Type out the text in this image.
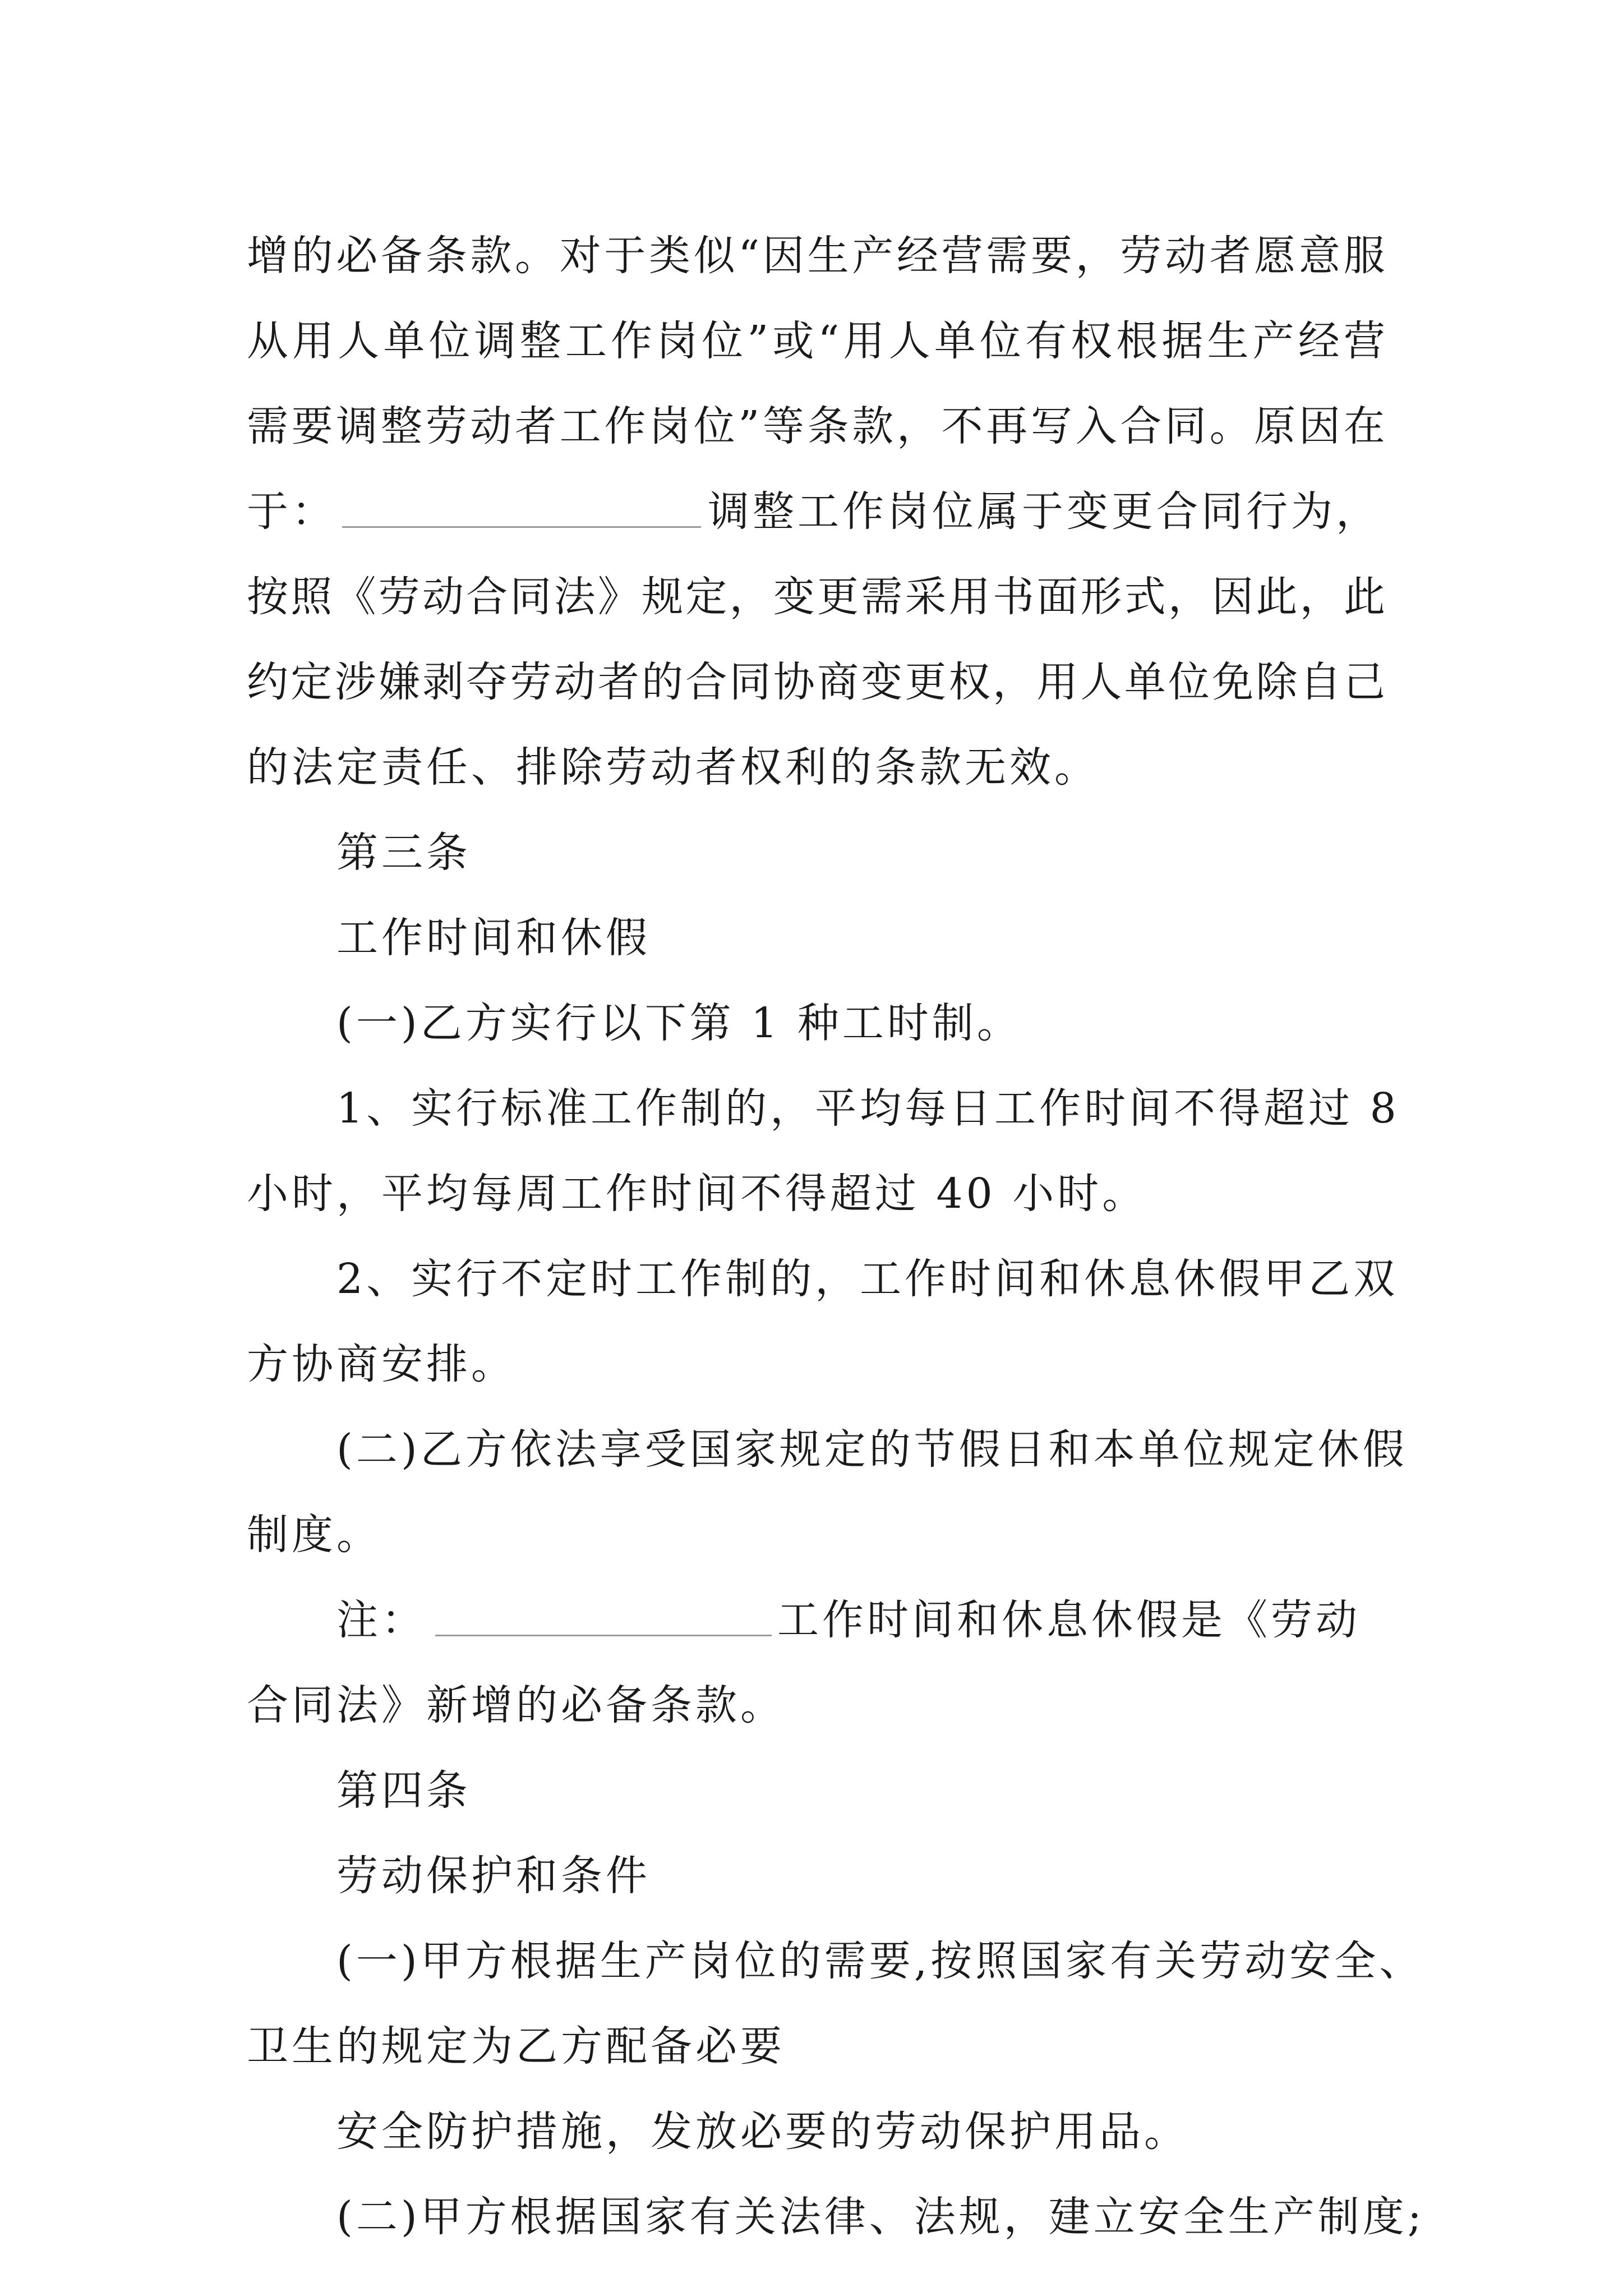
增 的 必 备 条 款 。 对 于 类 似 “ 因 生 产 经 营 需 要 ， 劳 动 者 愿 意 服
从 用 人 单 位 调 整 工 作 岗 位 ” 或 “ 用 人 单 位 有 权 根 据 生 产 经 营
需 要 调 整 劳 动 者 工 作 岗 位 ” 等 条 款 ， 不 再 写 入 合 同 。 原 因 在
于：	调整工作岗位属于变更合同行为，
按 照 《 劳 动 合 同 法 》 规 定 ， 变 更 需 采 用 书 面 形 式 ， 因 此 ， 此
约 定 涉 嫌 剥 夺 劳 动 者 的 合 同 协 商 变 更 权 ， 用 人 单 位 免 除 自 己
的法定责任、排除劳动者权利的条款无效。
第三条
工作时间和休假
(一)乙方实行以下第 1 种工时制。
1、实行标准工作制的，平均每日工作时间不得超过 8
小时，平均每周工作时间不得超过 40 小时。
2、实行不定时工作制的，工作时间和休息休假甲乙双
方协商安排。
(二)乙方依法享受国家规定的节假日和本单位规定休假
制度。
注：	工作时间和休息休假是《劳动
合同法》新增的必备条款。
第四条
劳动保护和条件
(一)甲方根据生产岗位的需要,按照国家有关劳动安全、
卫生的规定为乙方配备必要
安全防护措施，发放必要的劳动保护用品。
(二)甲方根据国家有关法律、法规，建立安全生产制度;
